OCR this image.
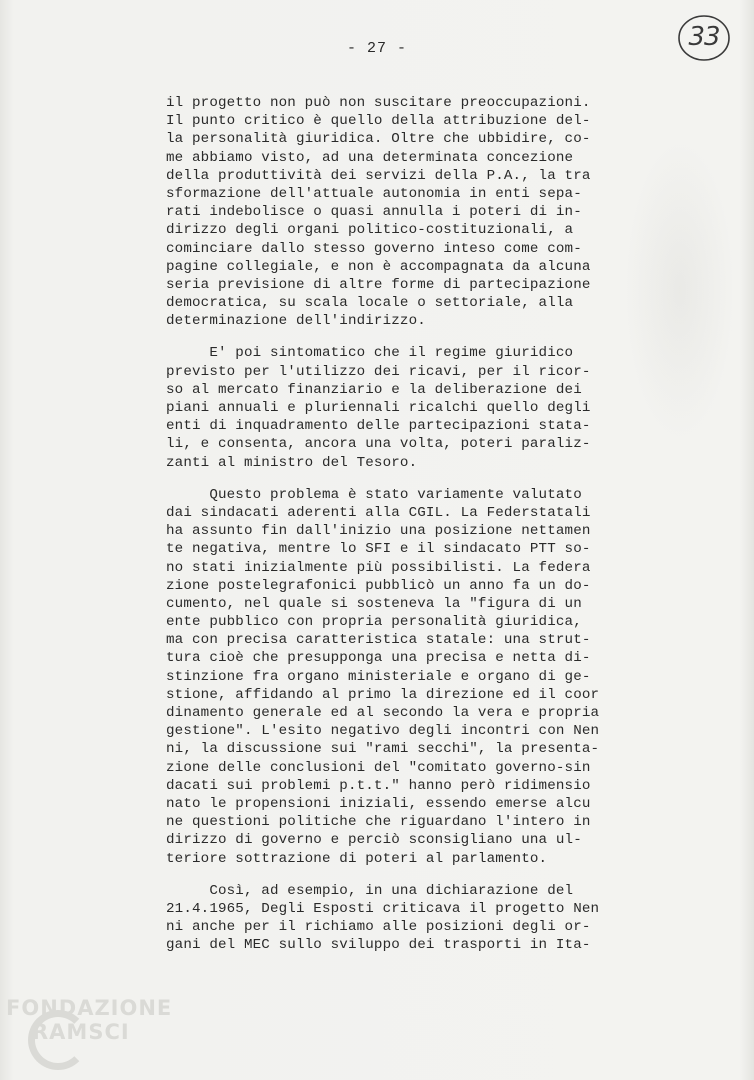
- 27 -	33
il progetto non può non suscitare preoccupazioni.
Il punto critico è quello della attribuzione del-
la personalità giuridica. Oltre che ubbidire, co-
me abbiamo visto, ad una determinata concezione
della produttività dei servizi della P.A., la tra
sformazione dell'attuale autonomia in enti sepa-
rati indebolisce o quasi annulla i poteri di in-
dirizzo degli organi politico-costituzionali, a
cominciare dallo stesso governo inteso come com-
pagine collegiale, e non è accompagnata da alcuna
seria previsione di altre forme di partecipazione
democratica, su scala locale o settoriale, alla
determinazione dell'indirizzo.
E' poi sintomatico che il regime giuridico
previsto per l'utilizzo dei ricavi, per il ricor-
so al mercato finanziario e la deliberazione dei
piani annuali e pluriennali ricalchi quello degli
enti di inquadramento delle partecipazioni stata-
li, e consenta, ancora una volta, poteri paraliz-
zanti al ministro del Tesoro.
Questo problema è stato variamente valutato
dai sindacati aderenti alla CGIL. La Federstatali
ha assunto fin dall'inizio una posizione nettamen
te negativa, mentre lo SFI e il sindacato PTT so-
no stati inizialmente più possibilisti. La federa
zione postelegrafonici pubblicò un anno fa un do-
cumento, nel quale si sosteneva la "figura di un
ente pubblico con propria personalità giuridica,
ma con precisa caratteristica statale: una strut-
tura cioè che presupponga una precisa e netta di-
stinzione fra organo ministeriale e organo di ge-
stione, affidando al primo la direzione ed il coor
dinamento generale ed al secondo la vera e propria
gestione". L'esito negativo degli incontri con Nen
ni, la discussione sui "rami secchi", la presenta-
zione delle conclusioni del "comitato governo-sin
dacati sui problemi p.t.t." hanno però ridimensio
nato le propensioni iniziali, essendo emerse alcu
ne questioni politiche che riguardano l'intero in
dirizzo di governo e perciò sconsigliano una ul-
teriore sottrazione di poteri al parlamento.
Così, ad esempio, in una dichiarazione del
21.4.1965, Degli Esposti criticava il progetto Nen
ni anche per il richiamo alle posizioni degli or-
gani del MEC sullo sviluppo dei trasporti in Ita-
FONDAZIONE
RAMSCI
